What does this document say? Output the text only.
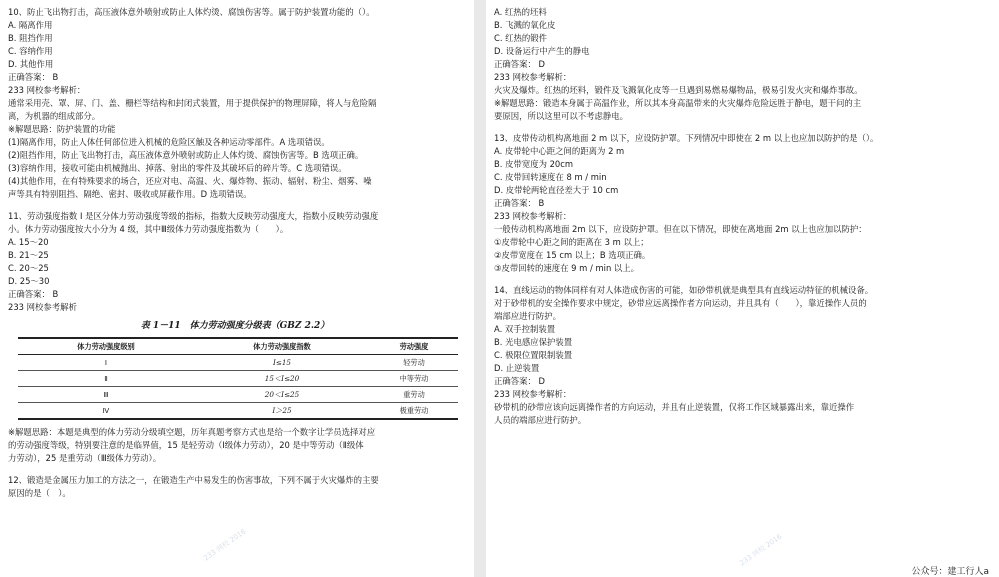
10、防止飞出物打击，高压液体意外喷射或防止人体灼烫、腐蚀伤害等。属于防护装置功能的（）。

A. 隔离作用

B. 阻挡作用

C. 容纳作用

D. 其他作用

正确答案： B

233 网校参考解析：

通常采用壳、罩、屏、门、盖、栅栏等结构和封闭式装置，用于提供保护的物理屏障，将人与危险隔

离，为机器的组成部分。

※解题思路：防护装置的功能

(1)隔离作用，防止人体任何部位进入机械的危险区触及各种运动零部件。A 选项错误。

(2)阻挡作用，防止飞出物打击，高压液体意外喷射或防止人体灼烫、腐蚀伤害等。B 选项正确。

(3)容纳作用，接收可能由机械抛出、掉落、射出的零件及其破坏后的碎片等。C 选项错误。

(4)其他作用，在有特殊要求的场合，还应对电、高温、火、爆炸物、振动、辐射、粉尘、烟雾、噪

声等具有特别阻挡、隔绝、密封、吸收或屏蔽作用。D 选项错误。

11、劳动强度指数 I 是区分体力劳动强度等级的指标，指数大反映劳动强度大，指数小反映劳动强度

小。体力劳动强度按大小分为 4 级，其中Ⅲ级体力劳动强度指数为（　　）。

A. 15～20

B. 21～25

C. 20～25

D. 25～30

正确答案： B

233 网校参考解析

表 1－11　体力劳动强度分级表（GBZ 2.2）
体力劳动强度级别	体力劳动强度指数	劳动强度
Ⅰ	I≤15	轻劳动
Ⅱ	15＜I≤20	中等劳动
Ⅲ	20＜I≤25	重劳动
Ⅳ	I＞25	极重劳动

※解题思路：本题是典型的体力劳动分级填空题，历年真题考察方式也是给一个数字让学员选择对应

的劳动强度等级，特别要注意的是临界值，15 是轻劳动（Ⅰ级体力劳动），20 是中等劳动（Ⅱ级体

力劳动），25 是重劳动（Ⅲ级体力劳动）。

12、锻造是金属压力加工的方法之一，在锻造生产中易发生的伤害事故，下列不属于火灾爆炸的主要

原因的是（　）。

233 网校 2016

A. 红热的坯料

B. 飞溅的氧化皮

C. 红热的锻件

D. 设备运行中产生的静电

正确答案： D

233 网校参考解析：

火灾及爆炸。红热的坯料，锻件及飞溅氧化皮等一旦遇到易燃易爆物品，极易引发火灾和爆炸事故。

※解题思路：锻造本身属于高温作业，所以其本身高温带来的火灾爆炸危险远胜于静电，题干问的主

要原因，所以这里可以不考虑静电。

13、皮带传动机构离地面 2 m 以下，应设防护罩。下列情况中即使在 2 m 以上也应加以防护的是（）。

A. 皮带轮中心距之间的距离为 2 m

B. 皮带宽度为 20cm

C. 皮带回转速度在 8 m / min

D. 皮带轮两轮直径差大于 10 cm

正确答案： B

233 网校参考解析：

一般传动机构离地面 2m 以下，应设防护罩。但在以下情况，即使在离地面 2m 以上也应加以防护：

①皮带轮中心距之间的距离在 3 m 以上；

②皮带宽度在 15 cm 以上；B 选项正确。

③皮带回转的速度在 9 m / min 以上。

14、直线运动的物体同样有对人体造成伤害的可能，如砂带机就是典型具有直线运动特征的机械设备。

对于砂带机的安全操作要求中规定，砂带应远离操作者方向运动，并且具有（　　），靠近操作人员的

端部应进行防护。

A. 双手控制装置

B. 光电感应保护装置

C. 极限位置限制装置

D. 止逆装置

正确答案： D

233 网校参考解析：

砂带机的砂带应该向远离操作者的方向运动，并且有止逆装置，仅将工作区域暴露出来，靠近操作

人员的端部应进行防护。

233 网校 2016
公众号：建工行人a
